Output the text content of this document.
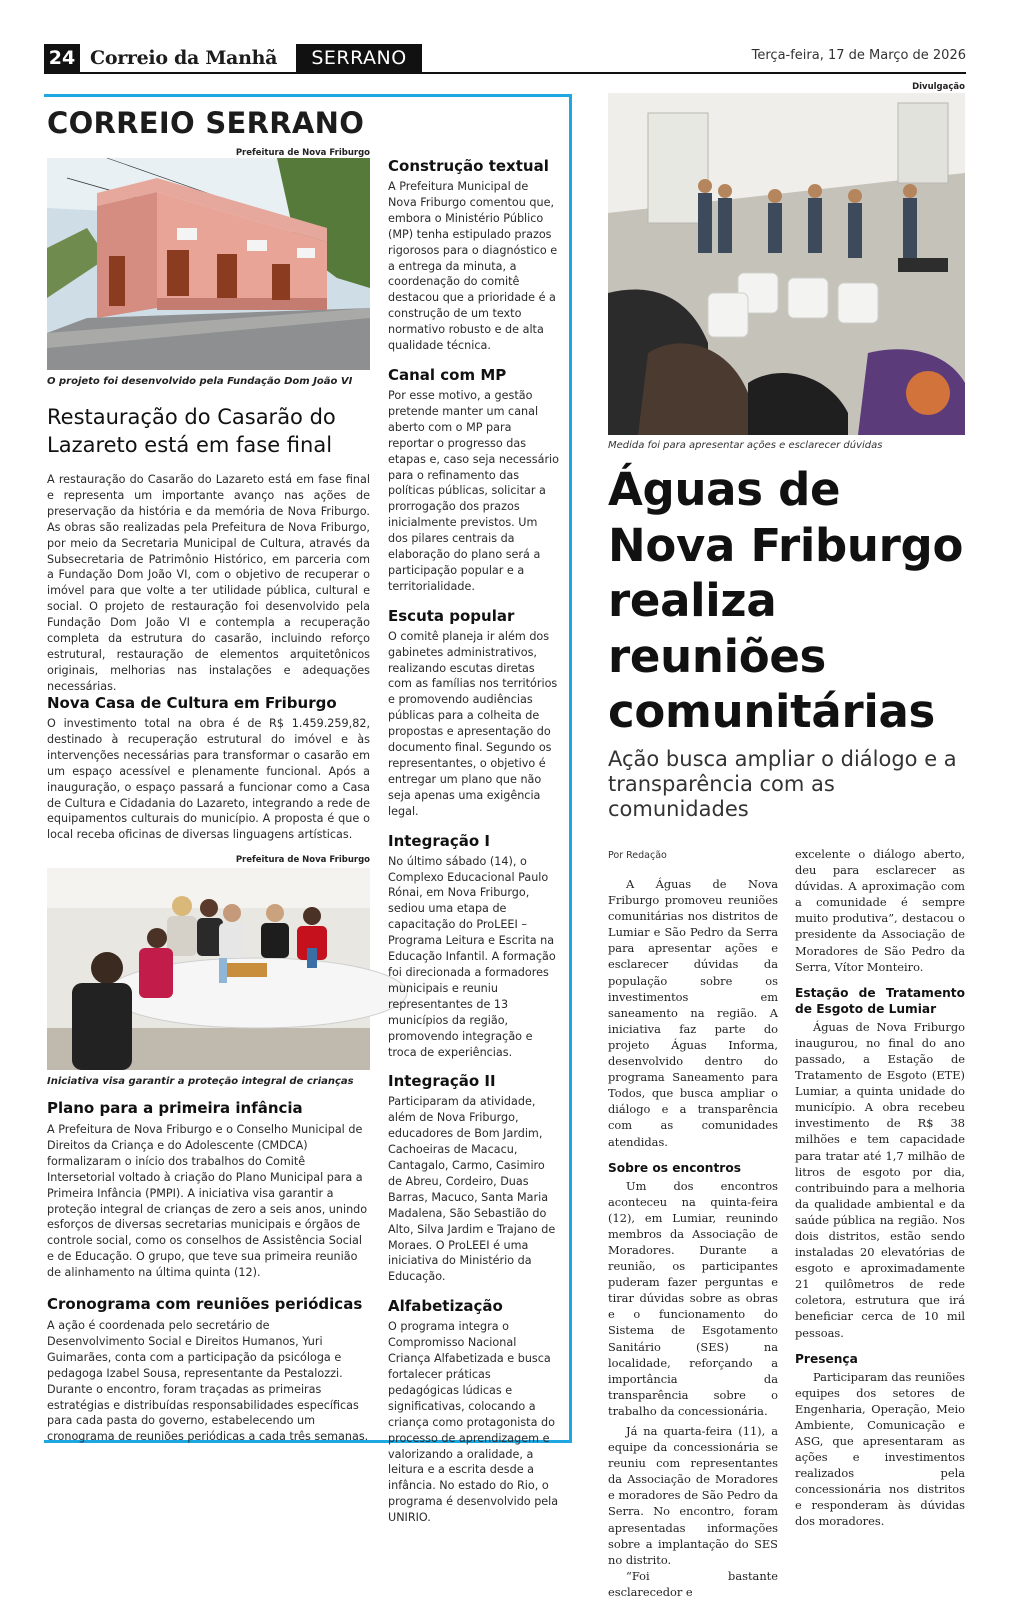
24 Correio da Manhã	SERRANO	Terça-feira, 17 de Março de 2026
CORREIO SERRANO
Prefeitura de Nova Friburgo
O projeto foi desenvolvido pela Fundação Dom João VI
Restauração do Casarão do Lazareto está em fase final
A restauração do Casarão do Lazareto está em fase final e representa um importante avanço nas ações de preservação da história e da memória de Nova Friburgo. As obras são realizadas pela Prefeitura de Nova Friburgo, por meio da Secretaria Municipal de Cultura, através da Subsecretaria de Patrimônio Histórico, em parceria com a Fundação Dom João VI, com o objetivo de recuperar o imóvel para que volte a ter utilidade pública, cultural e social. O projeto de restauração foi desenvolvido pela Fundação Dom João VI e contempla a recuperação completa da estrutura do casarão, incluindo reforço estrutural, restauração de elementos arquitetônicos originais, melhorias nas instalações e adequações necessárias.
Nova Casa de Cultura em Friburgo
O investimento total na obra é de R$ 1.459.259,82, destinado à recuperação estrutural do imóvel e às intervenções necessárias para transformar o casarão em um espaço acessível e plenamente funcional. Após a inauguração, o espaço passará a funcionar como a Casa de Cultura e Cidadania do Lazareto, integrando a rede de equipamentos culturais do município. A proposta é que o local receba oficinas de diversas linguagens artísticas.
Prefeitura de Nova Friburgo
Iniciativa visa garantir a proteção integral de crianças
Plano para a primeira infância
A Prefeitura de Nova Friburgo e o Conselho Municipal de Direitos da Criança e do Adolescente (CMDCA) formalizaram o início dos trabalhos do Comitê Intersetorial voltado à criação do Plano Municipal para a Primeira Infância (PMPI). A iniciativa visa garantir a proteção integral de crianças de zero a seis anos, unindo esforços de diversas secretarias municipais e órgãos de controle social, como os conselhos de Assistência Social e de Educação. O grupo, que teve sua primeira reunião de alinhamento na última quinta (12).
Cronograma com reuniões periódicas
A ação é coordenada pelo secretário de Desenvolvimento Social e Direitos Humanos, Yuri Guimarães, conta com a participação da psicóloga e pedagoga Izabel Sousa, representante da Pestalozzi. Durante o encontro, foram traçadas as primeiras estratégias e distribuídas responsabilidades específicas para cada pasta do governo, estabelecendo um cronograma de reuniões periódicas a cada três semanas.
Construção textual
A Prefeitura Municipal de Nova Friburgo comentou que, embora o Ministério Público (MP) tenha estipulado prazos rigorosos para o diagnóstico e a entrega da minuta, a coordenação do comitê destacou que a prioridade é a construção de um texto normativo robusto e de alta qualidade técnica.
Canal com MP
Por esse motivo, a gestão pretende manter um canal aberto com o MP para reportar o progresso das etapas e, caso seja necessário para o refinamento das políticas públicas, solicitar a prorrogação dos prazos inicialmente previstos. Um dos pilares centrais da elaboração do plano será a participação popular e a territorialidade.
Escuta popular
O comitê planeja ir além dos gabinetes administrativos, realizando escutas diretas com as famílias nos territórios e promovendo audiências públicas para a colheita de propostas e apresentação do documento final. Segundo os representantes, o objetivo é entregar um plano que não seja apenas uma exigência legal.
Integração I
No último sábado (14), o Complexo Educacional Paulo Rónai, em Nova Friburgo, sediou uma etapa de capacitação do ProLEEI – Programa Leitura e Escrita na Educação Infantil. A formação foi direcionada a formadores municipais e reuniu representantes de 13 municípios da região, promovendo integração e troca de experiências.
Integração II
Participaram da atividade, além de Nova Friburgo, educadores de Bom Jardim, Cachoeiras de Macacu, Cantagalo, Carmo, Casimiro de Abreu, Cordeiro, Duas Barras, Macuco, Santa Maria Madalena, São Sebastião do Alto, Silva Jardim e Trajano de Moraes. O ProLEEI é uma iniciativa do Ministério da Educação.
Alfabetização
O programa integra o Compromisso Nacional Criança Alfabetizada e busca fortalecer práticas pedagógicas lúdicas e significativas, colocando a criança como protagonista do processo de aprendizagem e valorizando a oralidade, a leitura e a escrita desde a infância. No estado do Rio, o programa é desenvolvido pela UNIRIO.
Divulgação
Medida foi para apresentar ações e esclarecer dúvidas
Águas de Nova Friburgo realiza reuniões comunitárias
Ação busca ampliar o diálogo e a transparência com as comunidades
Por Redação

A Águas de Nova Friburgo promoveu reuniões comunitárias nos distritos de Lumiar e São Pedro da Serra para apresentar ações e esclarecer dúvidas da população sobre os investimentos em saneamento na região. A iniciativa faz parte do projeto Águas Informa, desenvolvido dentro do programa Saneamento para Todos, que busca ampliar o diálogo e a transparência com as comunidades atendidas.

Sobre os encontros

Um dos encontros aconteceu na quinta-feira (12), em Lumiar, reunindo membros da Associação de Moradores. Durante a reunião, os participantes puderam fazer perguntas e tirar dúvidas sobre as obras e o funcionamento do Sistema de Esgotamento Sanitário (SES) na localidade, reforçando a importância da transparência sobre o trabalho da concessionária.

Já na quarta-feira (11), a equipe da concessionária se reuniu com representantes da Associação de Moradores e moradores de São Pedro da Serra. No encontro, foram apresentadas informações sobre a implantação do SES no distrito.

“Foi bastante esclarecedor e

excelente o diálogo aberto, deu para esclarecer as dúvidas. A aproximação com a comunidade é sempre muito produtiva”, destacou o presidente da Associação de Moradores de São Pedro da Serra, Vítor Monteiro.

Estação de Tratamento de Esgoto de Lumiar

Águas de Nova Friburgo inaugurou, no final do ano passado, a Estação de Tratamento de Esgoto (ETE) Lumiar, a quinta unidade do município. A obra recebeu investimento de R$ 38 milhões e tem capacidade para tratar até 1,7 milhão de litros de esgoto por dia, contribuindo para a melhoria da qualidade ambiental e da saúde pública na região. Nos dois distritos, estão sendo instaladas 20 elevatórias de esgoto e aproximadamente 21 quilômetros de rede coletora, estrutura que irá beneficiar cerca de 10 mil pessoas.

Presença

Participaram das reuniões equipes dos setores de Engenharia, Operação, Meio Ambiente, Comunicação e ASG, que apresentaram as ações e investimentos realizados pela concessionária nos distritos e responderam às dúvidas dos moradores.
